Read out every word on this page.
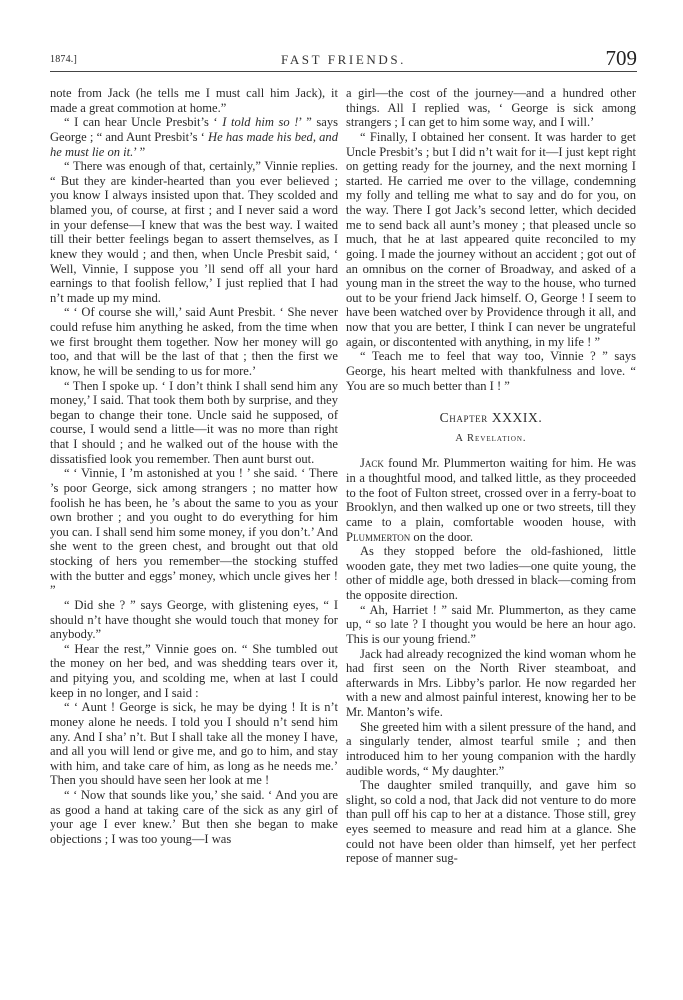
1874.]	FAST FRIENDS.	709

note from Jack (he tells me I must call him Jack), it made a great commotion at home.”

“ I can hear Uncle Presbit’s ‘ I told him so !’ ” says George ; “ and Aunt Presbit’s ‘ He has made his bed, and he must lie on it.’ ”

“ There was enough of that, certainly,” Vinnie replies. “ But they are kinder-hearted than you ever believed ; you know I always insisted upon that. They scolded and blamed you, of course, at first ; and I never said a word in your defense—I knew that was the best way. I waited till their better feelings began to assert themselves, as I knew they would ; and then, when Uncle Presbit said, ‘ Well, Vinnie, I suppose you ’ll send off all your hard earnings to that foolish fellow,’ I just replied that I had n’t made up my mind.

“ ‘ Of course she will,’ said Aunt Presbit. ‘ She never could refuse him anything he asked, from the time when we first brought them together. Now her money will go too, and that will be the last of that ; then the first we know, he will be sending to us for more.’

“ Then I spoke up. ‘ I don’t think I shall send him any money,’ I said. That took them both by surprise, and they began to change their tone. Uncle said he supposed, of course, I would send a little—it was no more than right that I should ; and he walked out of the house with the dissatisfied look you remember. Then aunt burst out.

“ ‘ Vinnie, I ’m astonished at you ! ’ she said. ‘ There ’s poor George, sick among strangers ; no matter how foolish he has been, he ’s about the same to you as your own brother ; and you ought to do everything for him you can. I shall send him some money, if you don’t.’ And she went to the green chest, and brought out that old stocking of hers you remember—the stocking stuffed with the butter and eggs’ money, which uncle gives her ! ”

“ Did she ? ” says George, with glistening eyes, “ I should n’t have thought she would touch that money for anybody.”

“ Hear the rest,” Vinnie goes on. “ She tumbled out the money on her bed, and was shedding tears over it, and pitying you, and scolding me, when at last I could keep in no longer, and I said :

“ ‘ Aunt ! George is sick, he may be dying ! It is n’t money alone he needs. I told you I should n’t send him any. And I sha’ n’t. But I shall take all the money I have, and all you will lend or give me, and go to him, and stay with him, and take care of him, as long as he needs me.’ Then you should have seen her look at me !

“ ‘ Now that sounds like you,’ she said. ‘ And you are as good a hand at taking care of the sick as any girl of your age I ever knew.’ But then she began to make objections ; I was too young—I was

a girl—the cost of the journey—and a hundred other things. All I replied was, ‘ George is sick among strangers ; I can get to him some way, and I will.’

“ Finally, I obtained her consent. It was harder to get Uncle Presbit’s ; but I did n’t wait for it—I just kept right on getting ready for the journey, and the next morning I started. He carried me over to the village, condemning my folly and telling me what to say and do for you, on the way. There I got Jack’s second letter, which decided me to send back all aunt’s money ; that pleased uncle so much, that he at last appeared quite reconciled to my going. I made the journey without an accident ; got out of an omnibus on the corner of Broadway, and asked of a young man in the street the way to the house, who turned out to be your friend Jack himself. O, George ! I seem to have been watched over by Providence through it all, and now that you are better, I think I can never be ungrateful again, or discontented with anything, in my life ! ”

“ Teach me to feel that way too, Vinnie ? ” says George, his heart melted with thankfulness and love. “ You are so much better than I ! ”

Chapter XXXIX.

A Revelation.

Jack found Mr. Plummerton waiting for him. He was in a thoughtful mood, and talked little, as they proceeded to the foot of Fulton street, crossed over in a ferry-boat to Brooklyn, and then walked up one or two streets, till they came to a plain, comfortable wooden house, with Plummerton on the door.

As they stopped before the old-fashioned, little wooden gate, they met two ladies—one quite young, the other of middle age, both dressed in black—coming from the opposite direction.

“ Ah, Harriet ! ” said Mr. Plummerton, as they came up, “ so late ? I thought you would be here an hour ago. This is our young friend.”

Jack had already recognized the kind woman whom he had first seen on the North River steamboat, and afterwards in Mrs. Libby’s parlor. He now regarded her with a new and almost painful interest, knowing her to be Mr. Manton’s wife.

She greeted him with a silent pressure of the hand, and a singularly tender, almost tearful smile ; and then introduced him to her young companion with the hardly audible words, “ My daughter.”

The daughter smiled tranquilly, and gave him so slight, so cold a nod, that Jack did not venture to do more than pull off his cap to her at a distance. Those still, grey eyes seemed to measure and read him at a glance. She could not have been older than himself, yet her perfect repose of manner sug-
